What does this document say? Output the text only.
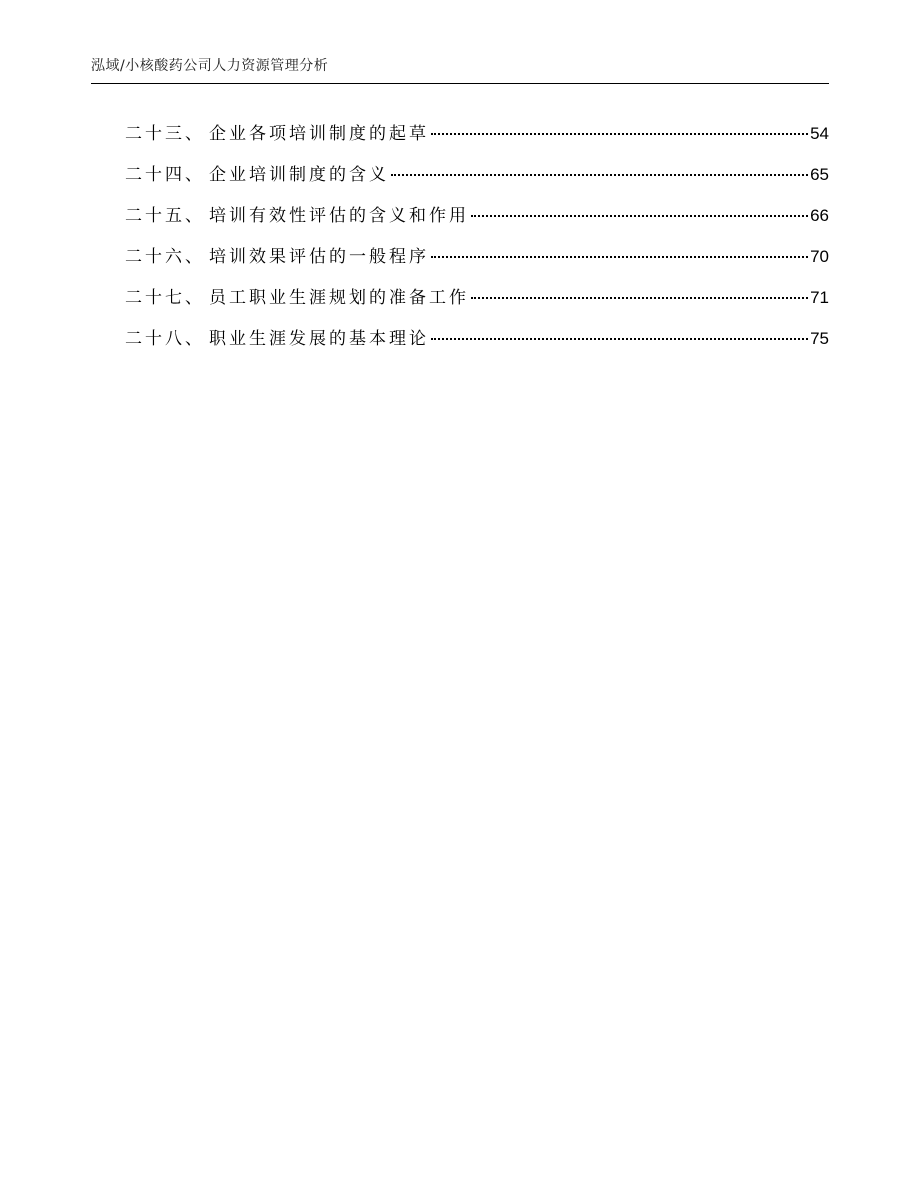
泓域/小核酸药公司人力资源管理分析
二十三、 企业各项培训制度的起草	54
二十四、 企业培训制度的含义	65
二十五、 培训有效性评估的含义和作用	66
二十六、 培训效果评估的一般程序	70
二十七、 员工职业生涯规划的准备工作	71
二十八、 职业生涯发展的基本理论	75
